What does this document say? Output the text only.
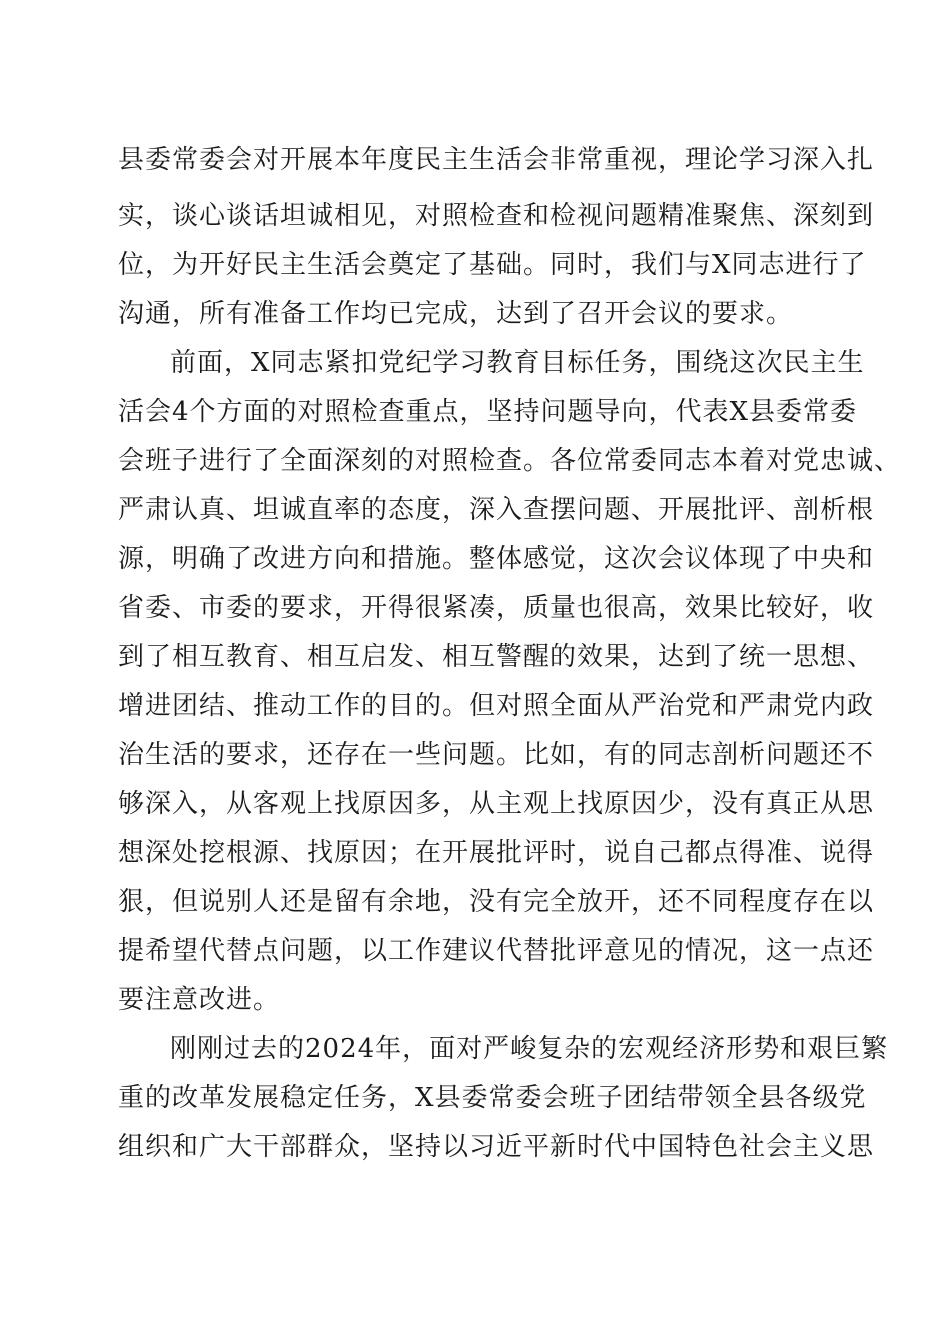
县委常委会对开展本年度民主生活会非常重视，理论学习深入扎
实，谈心谈话坦诚相见，对照检查和检视问题精准聚焦、深刻到
位，为开好民主生活会奠定了基础。同时，我们与X同志进行了
沟通，所有准备工作均已完成，达到了召开会议的要求。
前面，X同志紧扣党纪学习教育目标任务，围绕这次民主生
活会4个方面的对照检查重点，坚持问题导向，代表X县委常委
会班子进行了全面深刻的对照检查。各位常委同志本着对党忠诚、
严肃认真、坦诚直率的态度，深入查摆问题、开展批评、剖析根
源，明确了改进方向和措施。整体感觉，这次会议体现了中央和
省委、市委的要求，开得很紧凑，质量也很高，效果比较好，收
到了相互教育、相互启发、相互警醒的效果，达到了统一思想、
增进团结、推动工作的目的。但对照全面从严治党和严肃党内政
治生活的要求，还存在一些问题。比如，有的同志剖析问题还不
够深入，从客观上找原因多，从主观上找原因少，没有真正从思
想深处挖根源、找原因；在开展批评时，说自己都点得准、说得
狠，但说别人还是留有余地，没有完全放开，还不同程度存在以
提希望代替点问题，以工作建议代替批评意见的情况，这一点还
要注意改进。
刚刚过去的2024年，面对严峻复杂的宏观经济形势和艰巨繁
重的改革发展稳定任务，X县委常委会班子团结带领全县各级党
组织和广大干部群众，坚持以习近平新时代中国特色社会主义思
